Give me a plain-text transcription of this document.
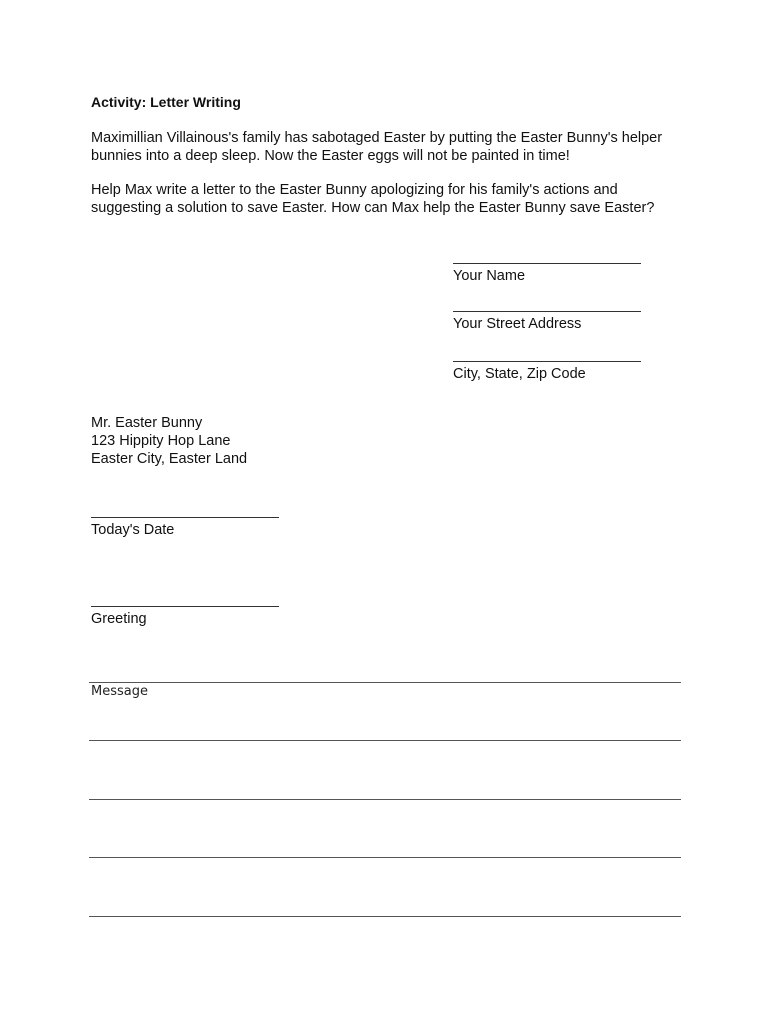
Activity: Letter Writing

Maximillian Villainous's family has sabotaged Easter by putting the Easter Bunny's helper bunnies into a deep sleep. Now the Easter eggs will not be painted in time!

Help Max write a letter to the Easter Bunny apologizing for his family's actions and suggesting a solution to save Easter. How can Max help the Easter Bunny save Easter?

Your Name
Your Street Address
City, State, Zip Code
Mr. Easter Bunny
123 Hippity Hop Lane
Easter City, Easter Land
Today's Date
Greeting
Message
